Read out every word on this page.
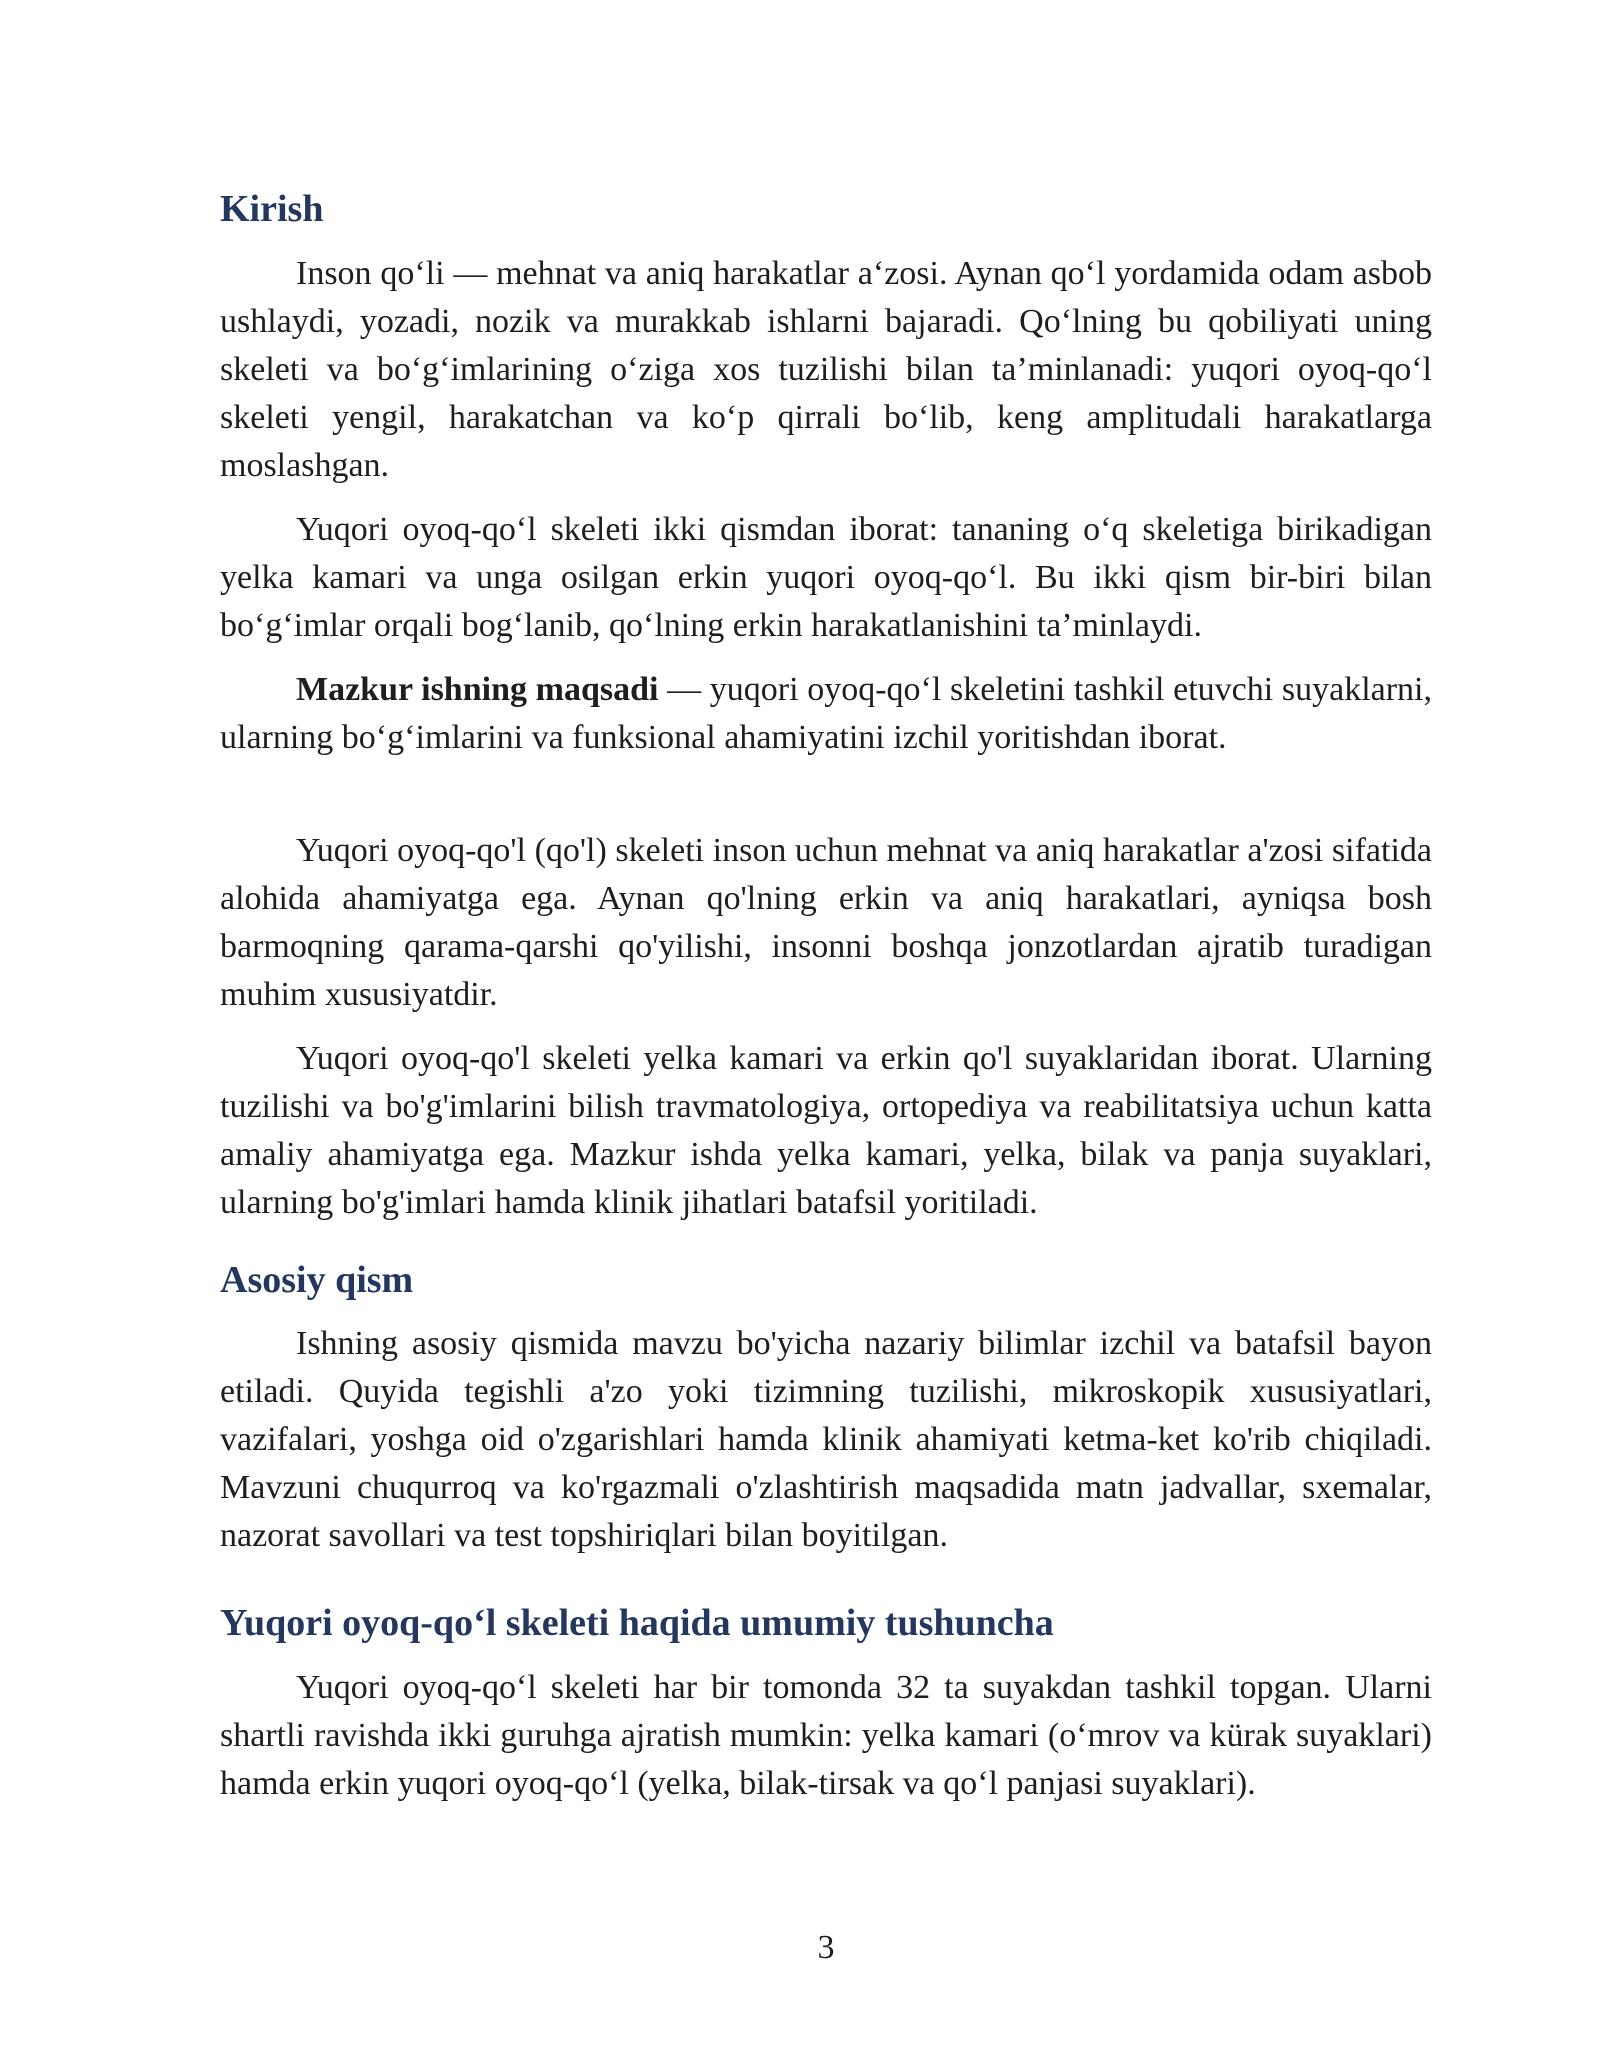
Kirish

Inson qo‘li — mehnat va aniq harakatlar a‘zosi. Aynan qo‘l yordamida odam asbob ushlaydi, yozadi, nozik va murakkab ishlarni bajaradi. Qo‘lning bu qobiliyati uning skeleti va bo‘g‘imlarining o‘ziga xos tuzilishi bilan ta’minlanadi: yuqori oyoq-qo‘l skeleti yengil, harakatchan va ko‘p qirrali bo‘lib, keng amplitudali harakatlarga moslashgan.

Yuqori oyoq-qo‘l skeleti ikki qismdan iborat: tananing o‘q skeletiga birikadigan yelka kamari va unga osilgan erkin yuqori oyoq-qo‘l. Bu ikki qism bir-biri bilan bo‘g‘imlar orqali bog‘lanib, qo‘lning erkin harakatlanishini ta’minlaydi.

Mazkur ishning maqsadi — yuqori oyoq-qo‘l skeletini tashkil etuvchi suyaklarni, ularning bo‘g‘imlarini va funksional ahamiyatini izchil yoritishdan iborat.

Yuqori oyoq-qo'l (qo'l) skeleti inson uchun mehnat va aniq harakatlar a'zosi sifatida alohida ahamiyatga ega. Aynan qo'lning erkin va aniq harakatlari, ayniqsa bosh barmoqning qarama-qarshi qo'yilishi, insonni boshqa jonzotlardan ajratib turadigan muhim xususiyatdir.

Yuqori oyoq-qo'l skeleti yelka kamari va erkin qo'l suyaklaridan iborat. Ularning tuzilishi va bo'g'imlarini bilish travmatologiya, ortopediya va reabilitatsiya uchun katta amaliy ahamiyatga ega. Mazkur ishda yelka kamari, yelka, bilak va panja suyaklari, ularning bo'g'imlari hamda klinik jihatlari batafsil yoritiladi.

Asosiy qism

Ishning asosiy qismida mavzu bo'yicha nazariy bilimlar izchil va batafsil bayon etiladi. Quyida tegishli a'zo yoki tizimning tuzilishi, mikroskopik xususiyatlari, vazifalari, yoshga oid o'zgarishlari hamda klinik ahamiyati ketma-ket ko'rib chiqiladi. Mavzuni chuqurroq va ko'rgazmali o'zlashtirish maqsadida matn jadvallar, sxemalar, nazorat savollari va test topshiriqlari bilan boyitilgan.

Yuqori oyoq-qo‘l skeleti haqida umumiy tushuncha

Yuqori oyoq-qo‘l skeleti har bir tomonda 32 ta suyakdan tashkil topgan. Ularni shartli ravishda ikki guruhga ajratish mumkin: yelka kamari (o‘mrov va kürak suyaklari) hamda erkin yuqori oyoq-qo‘l (yelka, bilak-tirsak va qo‘l panjasi suyaklari).

3
